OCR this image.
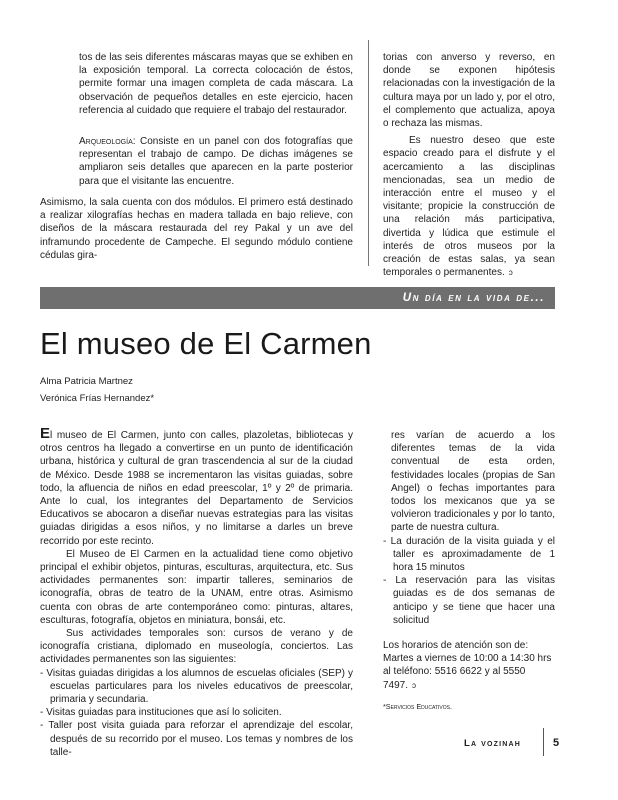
tos de las seis diferentes máscaras mayas que se exhiben en la exposición temporal. La correcta colocación de éstos, permite formar una imagen completa de cada máscara. La observación de pequeños detalles en este ejercicio, hacen referencia al cuidado que requiere el trabajo del restaurador.

Arqueología: Consiste en un panel con dos fotografías que representan el trabajo de campo. De dichas imágenes se ampliaron seis detalles que aparecen en la parte posterior para que el visitante las encuentre.

Asimismo, la sala cuenta con dos módulos. El primero está destinado a realizar xilografías hechas en madera tallada en bajo relieve, con diseños de la máscara restaurada del rey Pakal y un ave del inframundo procedente de Campeche. El segundo módulo contiene cédulas gira-

torias con anverso y reverso, en donde se exponen hipótesis relacionadas con la investigación de la cultura maya por un lado y, por el otro, el complemento que actualiza, apoya o rechaza las mismas.

Es nuestro deseo que este espacio creado para el disfrute y el acercamiento a las disciplinas mencionadas, sea un medio de interacción entre el museo y el visitante; propicie la construcción de una relación más participativa, divertida y lúdica que estimule el interés de otros museos por la creación de estas salas, ya sean temporales o permanentes. ↄ

Un día en la vida de...
El museo de El Carmen
Alma Patricia Martnez
Verónica Frías Hernandez*

El museo de El Carmen, junto con calles, plazoletas, bibliotecas y otros centros ha llegado a convertirse en un punto de identificación urbana, histórica y cultural de gran trascendencia al sur de la ciudad de México. Desde 1988 se incrementaron las visitas guiadas, sobre todo, la afluencia de niños en edad preescolar, 1º y 2º de primaria. Ante lo cual, los integrantes del Departamento de Servicios Educativos se abocaron a diseñar nuevas estrategias para las visitas guiadas dirigidas a esos niños, y no limitarse a darles un breve recorrido por este recinto.

El Museo de El Carmen en la actualidad tiene como objetivo principal el exhibir objetos, pinturas, esculturas, arquitectura, etc. Sus actividades permanentes son: impartir talleres, seminarios de iconografía, obras de teatro de la UNAM, entre otras. Asimismo cuenta con obras de arte contemporáneo como: pinturas, altares, esculturas, fotografía, objetos en miniatura, bonsái, etc.

Sus actividades temporales son: cursos de verano y de iconografía cristiana, diplomado en museología, conciertos. Las actividades permanentes son las siguientes:

- Visitas guiadas dirigidas a los alumnos de escuelas oficiales (SEP) y escuelas particulares para los niveles educativos de preescolar, primaria y secundaria.
- Visitas guiadas para instituciones que así lo soliciten.
- Taller post visita guiada para reforzar el aprendizaje del escolar, después de su recorrido por el museo. Los temas y nombres de los talle-

res varían de acuerdo a los diferentes temas de la vida conventual de esta orden, festividades locales (propias de San Angel) o fechas importantes para todos los mexicanos que ya se volvieron tradicionales y por lo tanto, parte de nuestra cultura.

- La duración de la visita guiada y el taller es aproximadamente de 1 hora 15 minutos
- La reservación para las visitas guiadas es de dos semanas de anticipo y se tiene que hacer una solicitud

Los horarios de atención son de: Martes a viernes de 10:00 a 14:30 hrs al teléfono: 5516 6622 y al 5550 7497. ↄ

*Servicios Educativos.

La vozinah	5
